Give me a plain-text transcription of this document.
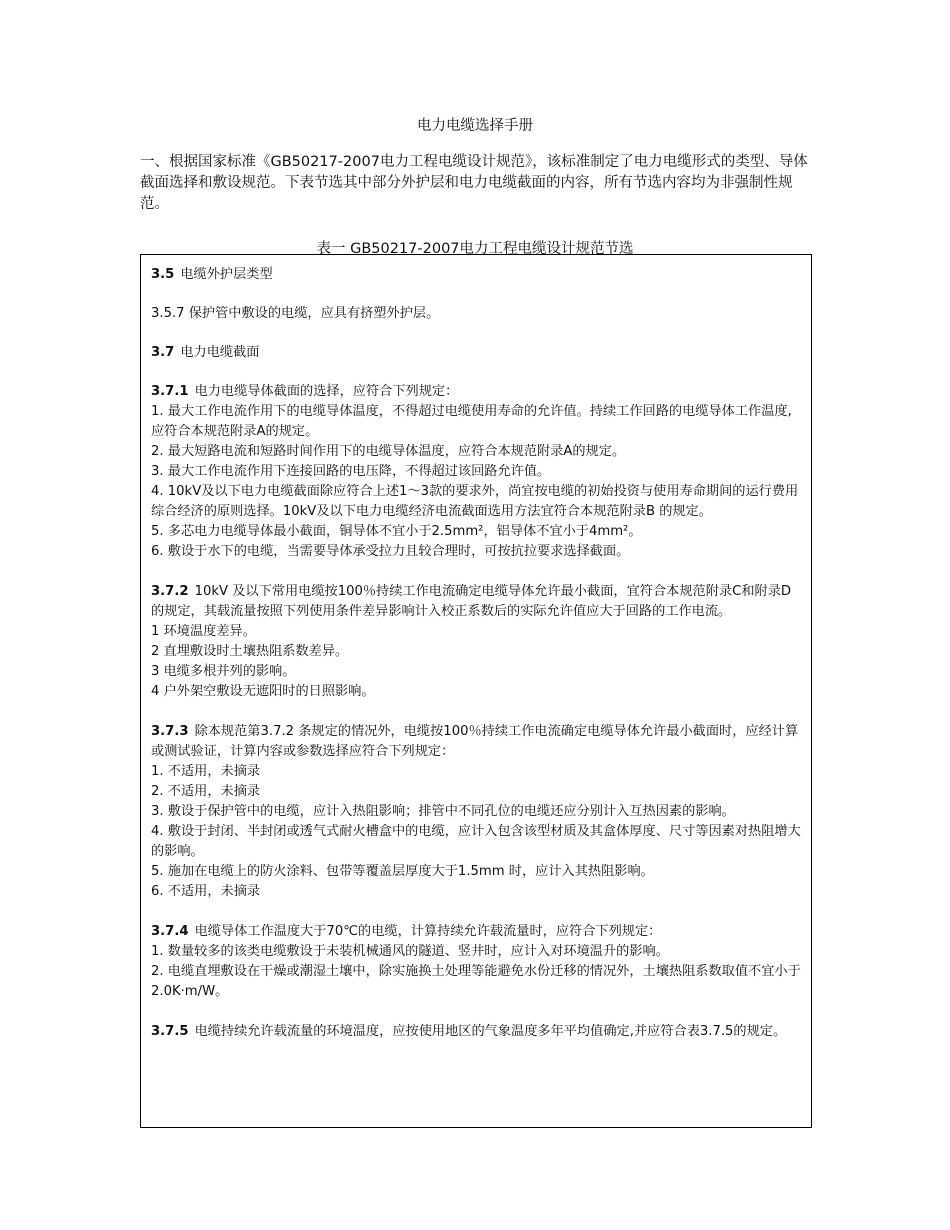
电力电缆选择手册
一、根据国家标准《GB50217-2007电力工程电缆设计规范》，该标准制定了电力电缆形式的类型、导体截面选择和敷设规范。下表节选其中部分外护层和电力电缆截面的内容，所有节选内容均为非强制性规范。
表一 GB50217-2007电力工程电缆设计规范节选

3.5 电缆外护层类型

3.5.7 保护管中敷设的电缆，应具有挤塑外护层。

3.7 电力电缆截面

3.7.1 电力电缆导体截面的选择，应符合下列规定：

1. 最大工作电流作用下的电缆导体温度，不得超过电缆使用寿命的允许值。持续工作回路的电缆导体工作温度,应符合本规范附录A的规定。

2. 最大短路电流和短路时间作用下的电缆导体温度，应符合本规范附录A的规定。

3. 最大工作电流作用下连接回路的电压降，不得超过该回路允许值。

4. 10kV及以下电力电缆截面除应符合上述1～3款的要求外，尚宜按电缆的初始投资与使用寿命期间的运行费用综合经济的原则选择。10kV及以下电力电缆经济电流截面选用方法宜符合本规范附录B 的规定。

5. 多芯电力电缆导体最小截面，铜导体不宜小于2.5mm²，铝导体不宜小于4mm²。

6. 敷设于水下的电缆，当需要导体承受拉力且较合理时，可按抗拉要求选择截面。

3.7.2 10kV 及以下常用电缆按100％持续工作电流确定电缆导体允许最小截面，宜符合本规范附录C和附录D 的规定，其载流量按照下列使用条件差异影响计入校正系数后的实际允许值应大于回路的工作电流。

1 环境温度差异。

2 直埋敷设时土壤热阻系数差异。

3 电缆多根并列的影响。

4 户外架空敷设无遮阳时的日照影响。

3.7.3 除本规范第3.7.2 条规定的情况外，电缆按100％持续工作电流确定电缆导体允许最小截面时，应经计算或测试验证，计算内容或参数选择应符合下列规定：

1. 不适用，未摘录

2. 不适用，未摘录

3. 敷设于保护管中的电缆，应计入热阻影响；排管中不同孔位的电缆还应分别计入互热因素的影响。

4. 敷设于封闭、半封闭或透气式耐火槽盒中的电缆，应计入包含该型材质及其盒体厚度、尺寸等因素对热阻增大的影响。

5. 施加在电缆上的防火涂料、包带等覆盖层厚度大于1.5mm 时，应计入其热阻影响。

6. 不适用，未摘录

3.7.4 电缆导体工作温度大于70℃的电缆，计算持续允许载流量时，应符合下列规定：

1. 数量较多的该类电缆敷设于未装机械通风的隧道、竖井时，应计入对环境温升的影响。

2. 电缆直埋敷设在干燥或潮湿土壤中，除实施换土处理等能避免水份迁移的情况外，土壤热阻系数取值不宜小于2.0K·m/W。

3.7.5 电缆持续允许载流量的环境温度，应按使用地区的气象温度多年平均值确定,并应符合表3.7.5的规定。
